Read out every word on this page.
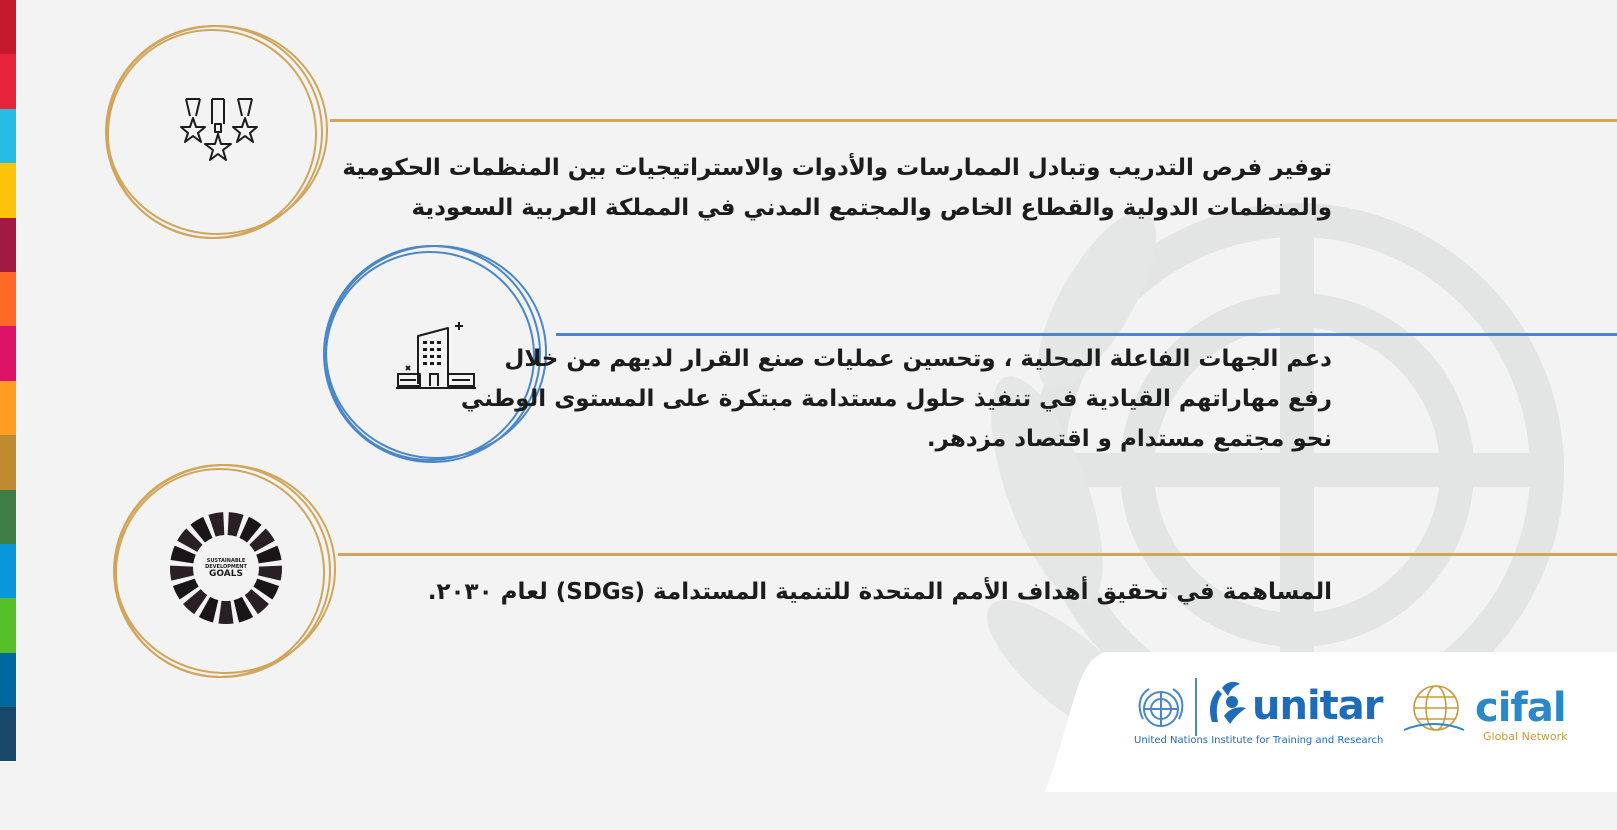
توفير فرص التدريب وتبادل الممارسات والأدوات والاستراتيجيات بين المنظمات الحكومية
والمنظمات الدولية والقطاع الخاص والمجتمع المدني في المملكة العربية السعودية
دعم الجهات الفاعلة المحلية ، وتحسين عمليات صنع القرار لديهم من خلال
رفع مهاراتهم القيادية في تنفيذ حلول مستدامة مبتكرة على المستوى الوطني
نحو مجتمع مستدام و اقتصاد مزدهر.
SUSTAINABLE
DEVELOPMENT
GOALS
المساهمة في تحقيق أهداف الأمم المتحدة للتنمية المستدامة (SDGs) لعام ٢٠٣٠.
unitar
United Nations Institute for Training and Research
cifal
Global Network
